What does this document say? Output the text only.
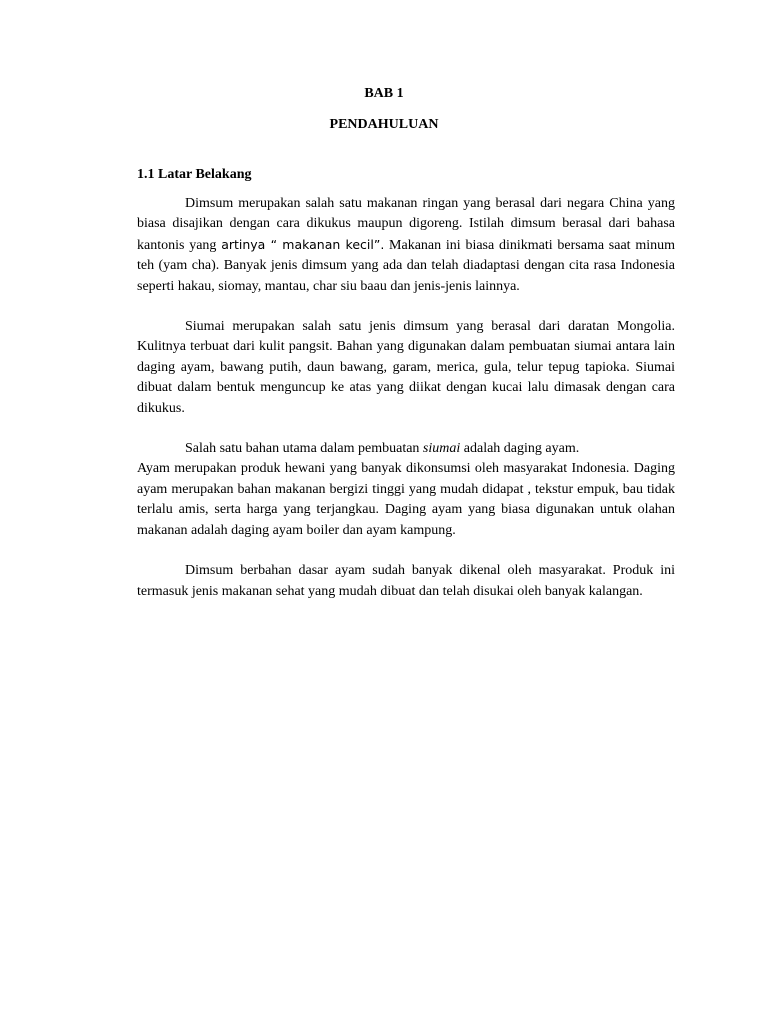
BAB 1
PENDAHULUAN
1.1 Latar Belakang

Dimsum merupakan salah satu makanan ringan yang berasal dari negara China yang biasa disajikan dengan cara dikukus maupun digoreng. Istilah dimsum berasal dari bahasa kantonis yang artinya “ makanan kecil”. Makanan ini biasa dinikmati bersama saat minum teh (yam cha). Banyak jenis dimsum yang ada dan telah diadaptasi dengan cita rasa Indonesia seperti hakau, siomay, mantau, char siu baau dan jenis-jenis lainnya.

Siumai merupakan salah satu jenis dimsum yang berasal dari daratan Mongolia. Kulitnya terbuat dari kulit pangsit. Bahan yang digunakan dalam pembuatan siumai antara lain daging ayam, bawang putih, daun bawang, garam, merica, gula, telur tepug tapioka. Siumai dibuat dalam bentuk menguncup ke atas yang diikat dengan kucai lalu dimasak dengan cara dikukus.

Salah satu bahan utama dalam pembuatan siumai adalah daging ayam.
Ayam merupakan produk hewani yang banyak dikonsumsi oleh masyarakat Indonesia. Daging ayam merupakan bahan makanan bergizi tinggi yang mudah didapat , tekstur empuk, bau tidak terlalu amis, serta harga yang terjangkau. Daging ayam yang biasa digunakan untuk olahan makanan adalah daging ayam boiler dan ayam kampung.

Dimsum berbahan dasar ayam sudah banyak dikenal oleh masyarakat. Produk ini termasuk jenis makanan sehat yang mudah dibuat dan telah disukai oleh banyak kalangan.
